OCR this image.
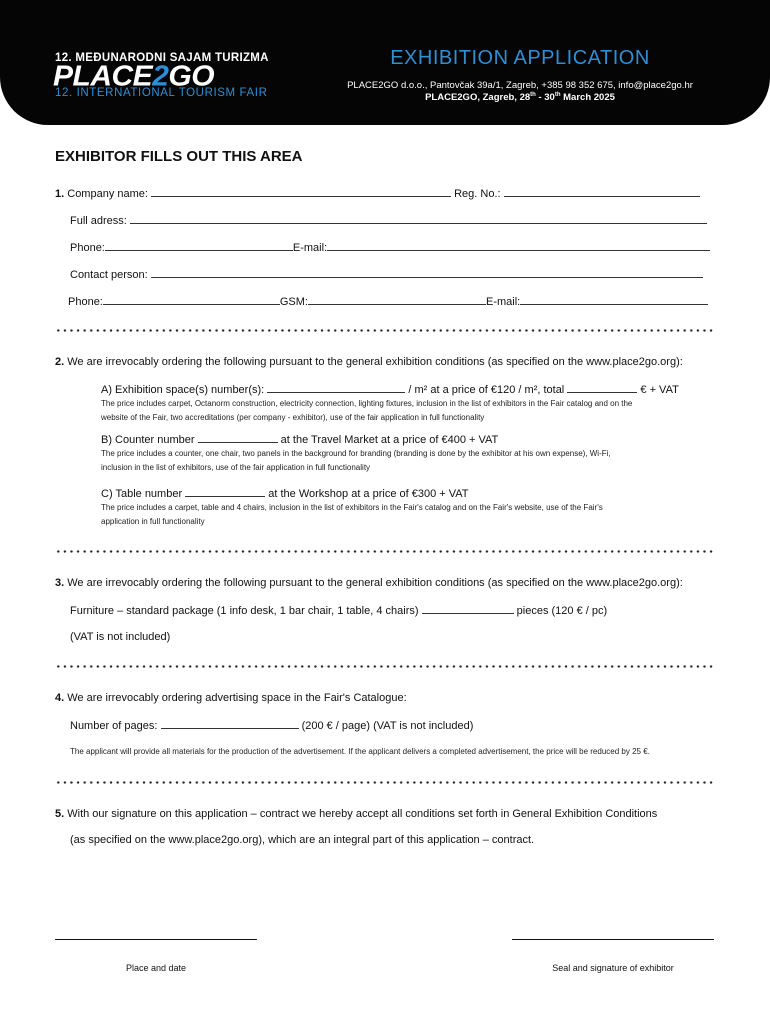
12. MEĐUNARODNI SAJAM TURIZMA
PLACE2GO
12. INTERNATIONAL TOURISM FAIR
EXHIBITION APPLICATION
PLACE2GO d.o.o., Pantovčak 39a/1, Zagreb, +385 98 352 675, info@place2go.hr
PLACE2GO, Zagreb, 28th - 30th March 2025
EXHIBITOR FILLS OUT THIS AREA
1. Company name:	Reg. No.:
Full adress:
Phone:	E-mail:
Contact person:
Phone:	GSM:	E-mail:
2. We are irrevocably ordering the following pursuant to the general exhibition conditions (as specified on the www.place2go.org):
A) Exhibition space(s) number(s):	/ m² at a price of €120 / m², total	€ + VAT
The price includes carpet, Octanorm construction, electricity connection, lighting fixtures, inclusion in the list of exhibitors in the Fair catalog and on the
website of the Fair, two accreditations (per company - exhibitor), use of the fair application in full functionality
B) Counter number	at the Travel Market at a price of €400 + VAT
The price includes a counter, one chair, two panels in the background for branding (branding is done by the exhibitor at his own expense), Wi-Fi,
inclusion in the list of exhibitors, use of the fair application in full functionality
C) Table number	at the Workshop at a price of €300 + VAT
The price includes a carpet, table and 4 chairs, inclusion in the list of exhibitors in the Fair's catalog and on the Fair's website, use of the Fair's
application in full functionality
3. We are irrevocably ordering the following pursuant to the general exhibition conditions (as specified on the www.place2go.org):
Furniture – standard package (1 info desk, 1 bar chair, 1 table, 4 chairs)	pieces (120 € / pc)
(VAT is not included)
4. We are irrevocably ordering advertising space in the Fair's Catalogue:
Number of pages:	(200 € / page) (VAT is not included)
The applicant will provide all materials for the production of the advertisement. If the applicant delivers a completed advertisement, the price will be reduced by 25 €.
5. With our signature on this application – contract we hereby accept all conditions set forth in General Exhibition Conditions
(as specified on the www.place2go.org), which are an integral part of this application – contract.
Place and date	Seal and signature of exhibitor
